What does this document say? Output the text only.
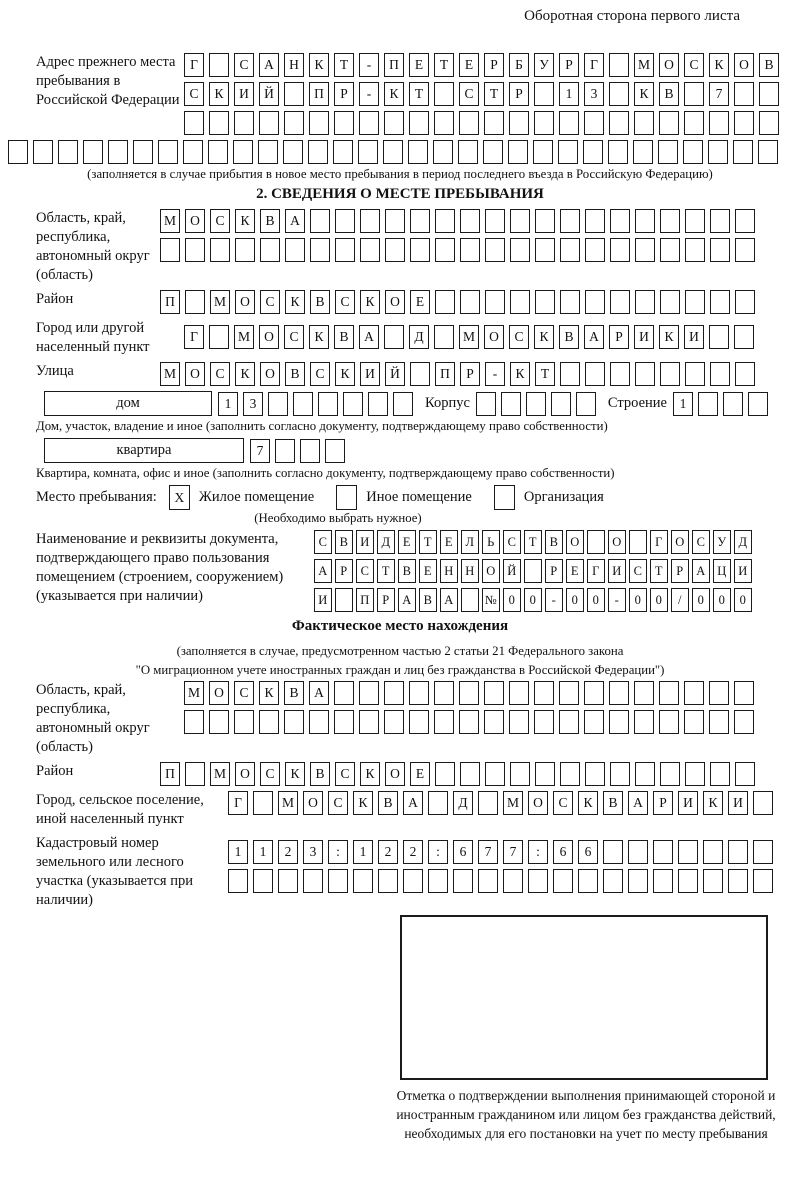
Оборотная сторона первого листа
Адрес прежнего места пребывания в Российской Федерации
Г	С	А	Н	К	Т	-	П	Е	Т	Е	Р	Б	У	Р	Г	М	О	С	К	О	В
С	К	И	Й	П	Р	-	К	Т	С	Т	Р	1	3	К	В	7
(заполняется в случае прибытия в новое место пребывания в период последнего въезда в Российскую Федерацию)
2. СВЕДЕНИЯ О МЕСТЕ ПРЕБЫВАНИЯ
Область, край, республика, автономный округ (область)
М	О	С	К	В	А
Район	П	М	О	С	К	В	С	К	О	Е
Город или другой населенный пункт
Г	М	О	С	К	В	А	Д	М	О	С	К	В	А	Р	И	К	И
Улица	М	О	С	К	О	В	С	К	И	Й	П	Р	-	К	Т
дом	1	3	Корпус	Строение 1
Дом, участок, владение и иное (заполнить согласно документу, подтверждающему право собственности)
квартира	7
Квартира, комната, офис и иное (заполнить согласно документу, подтверждающему право собственности)
Место пребывания:	X	Жилое помещение	Иное помещение	Организация
(Необходимо выбрать нужное)
Наименование и реквизиты документа, подтверждающего право пользования помещением (строением, сооружением) (указывается при наличии)
С	В И Д	Е	Т	Е	Л	Ь	С	Т	В О	О	Г	О С У Д
А	Р	С	Т	В	Е	Н Н О Й	Р	Е	Г	И С	Т	Р	А Ц И
И	П	Р	А В А	№ 0	0	-	0	0	-	0	0	/	0	0	0
Фактическое место нахождения
(заполняется в случае, предусмотренном частью 2 статьи 21 Федерального закона
"О миграционном учете иностранных граждан и лиц без гражданства в Российской Федерации")
Область, край, республика, автономный округ (область)
М	О	С	К	В	А
Район	П	М	О	С	К	В	С	К	О	Е
Город, сельское поселение, иной населенный пункт
Г	М	О	С	К	В	А	Д	М	О	С	К	В	А	Р	И	К	И
Кадастровый номер земельного или лесного участка (указывается при наличии)
1	1	2	3	:	1	2	2	:	6	7	7	:	6	6
Отметка о подтверждении выполнения принимающей стороной и иностранным гражданином или лицом без гражданства действий, необходимых для его постановки на учет по месту пребывания
